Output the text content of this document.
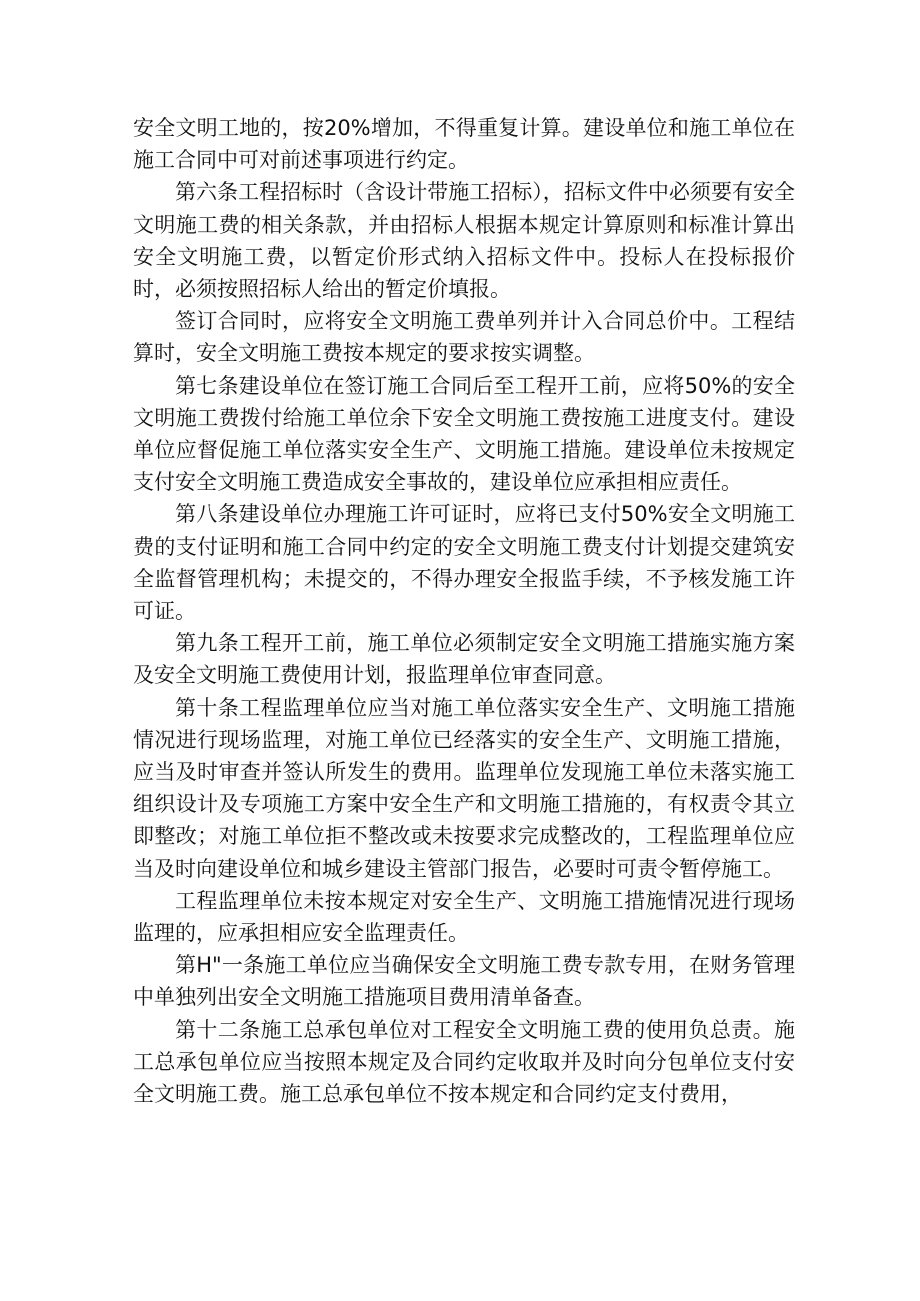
安全文明工地的，按20%增加，不得重复计算。建设单位和施工单位在施工合同中可对前述事项进行约定。

第六条工程招标时（含设计带施工招标），招标文件中必须要有安全文明施工费的相关条款，并由招标人根据本规定计算原则和标准计算出安全文明施工费，以暂定价形式纳入招标文件中。投标人在投标报价时，必须按照招标人给出的暂定价填报。

签订合同时，应将安全文明施工费单列并计入合同总价中。工程结算时，安全文明施工费按本规定的要求按实调整。

第七条建设单位在签订施工合同后至工程开工前，应将50%的安全文明施工费拨付给施工单位余下安全文明施工费按施工进度支付。建设单位应督促施工单位落实安全生产、文明施工措施。建设单位未按规定支付安全文明施工费造成安全事故的，建设单位应承担相应责任。

第八条建设单位办理施工许可证时，应将已支付50%安全文明施工费的支付证明和施工合同中约定的安全文明施工费支付计划提交建筑安全监督管理机构；未提交的，不得办理安全报监手续，不予核发施工许可证。

第九条工程开工前，施工单位必须制定安全文明施工措施实施方案及安全文明施工费使用计划，报监理单位审查同意。

第十条工程监理单位应当对施工单位落实安全生产、文明施工措施情况进行现场监理，对施工单位已经落实的安全生产、文明施工措施，应当及时审查并签认所发生的费用。监理单位发现施工单位未落实施工组织设计及专项施工方案中安全生产和文明施工措施的，有权责令其立即整改；对施工单位拒不整改或未按要求完成整改的，工程监理单位应当及时向建设单位和城乡建设主管部门报告，必要时可责令暂停施工。

工程监理单位未按本规定对安全生产、文明施工措施情况进行现场监理的，应承担相应安全监理责任。

第H"一条施工单位应当确保安全文明施工费专款专用，在财务管理中单独列出安全文明施工措施项目费用清单备查。

第十二条施工总承包单位对工程安全文明施工费的使用负总责。施工总承包单位应当按照本规定及合同约定收取并及时向分包单位支付安全文明施工费。施工总承包单位不按本规定和合同约定支付费用，
